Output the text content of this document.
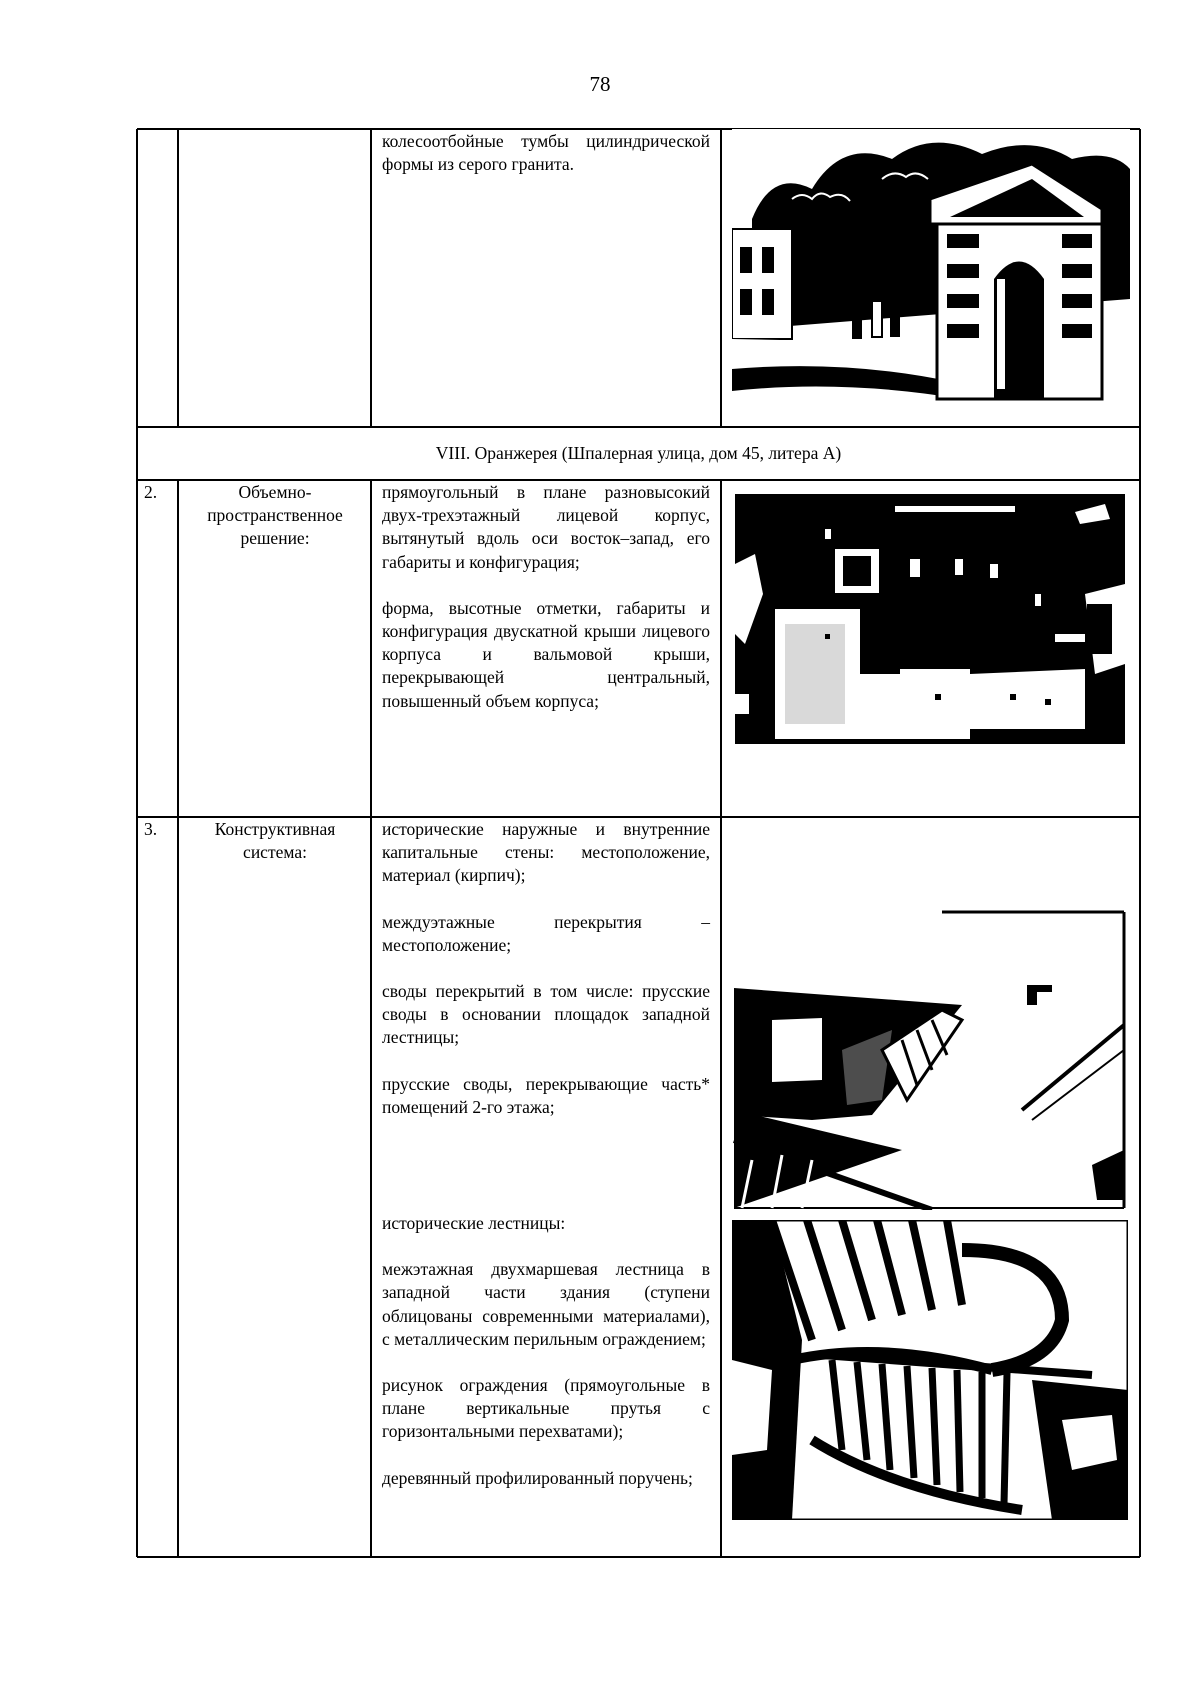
78

колесоотбойные тумбы цилиндрической формы из серого гранита.

VIII. Оранжерея (Шпалерная улица, дом 45, литера А)
2.	Объемно-пространственное решение:

прямоугольный в плане разновысокий двух-трехэтажный лицевой корпус, вытянутый вдоль оси восток–запад, его габариты и конфигурация;

форма, высотные отметки, габариты и конфигурация двускатной крыши лицевого корпуса и вальмовой крыши, перекрывающей центральный, повышенный объем корпуса;

3.	Конструктивная система:

исторические наружные и внутренние капитальные стены: местоположение, материал (кирпич);

междуэтажные перекрытия – местоположение;

своды перекрытий в том числе: прусские своды в основании площадок западной лестницы;

прусские своды, перекрывающие часть* помещений 2-го этажа;

исторические лестницы:

межэтажная двухмаршевая лестница в западной части здания (ступени облицованы современными материалами), с металлическим перильным ограждением;

рисунок ограждения (прямоугольные в плане вертикальные прутья с горизонтальными перехватами);

деревянный профилированный поручень;
